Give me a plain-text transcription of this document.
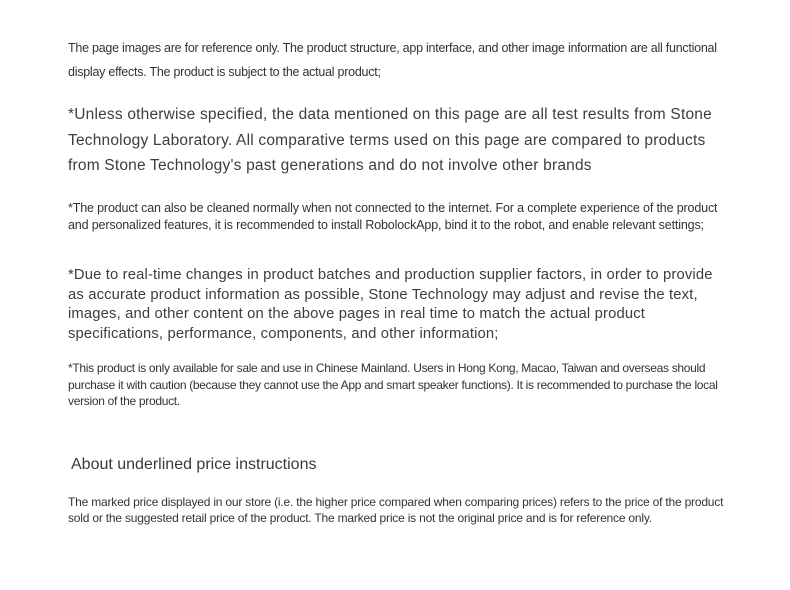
The page images are for reference only. The product structure, app interface, and other image information are all functional display effects. The product is subject to the actual product;

*Unless otherwise specified, the data mentioned on this page are all test results from Stone Technology Laboratory. All comparative terms used on this page are compared to products from Stone Technology's past generations and do not involve other brands

*The product can also be cleaned normally when not connected to the internet. For a complete experience of the product and personalized features, it is recommended to install RobolockApp, bind it to the robot, and enable relevant settings;

*Due to real-time changes in product batches and production supplier factors, in order to provide as accurate product information as possible, Stone Technology may adjust and revise the text, images, and other content on the above pages in real time to match the actual product specifications, performance, components, and other information;

*This product is only available for sale and use in Chinese Mainland. Users in Hong Kong, Macao, Taiwan and overseas should purchase it with caution (because they cannot use the App and smart speaker functions). It is recommended to purchase the local version of the product.

About underlined price instructions

The marked price displayed in our store (i.e. the higher price compared when comparing prices) refers to the price of the product sold or the suggested retail price of the product. The marked price is not the original price and is for reference only.
